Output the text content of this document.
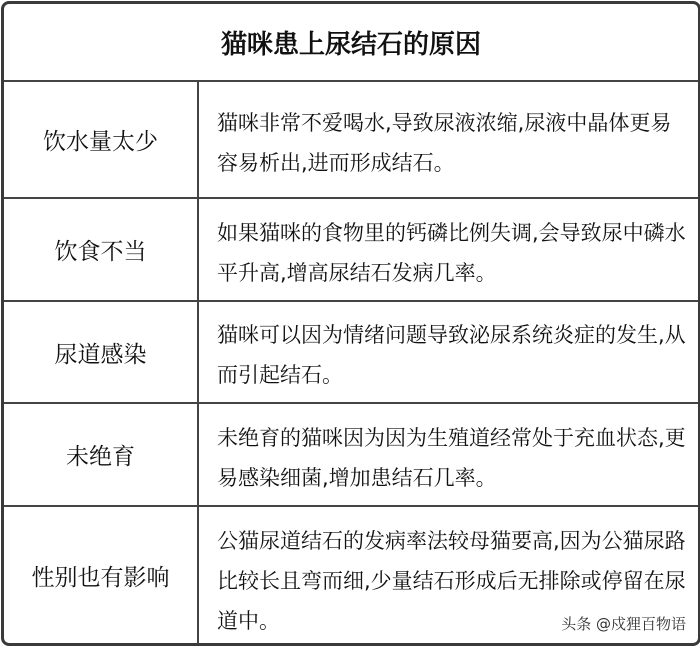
猫咪患上尿结石的原因
饮水量太少
猫咪非常不爱喝水,导致尿液浓缩,尿液中晶体更易容易析出,进而形成结石。
饮食不当
如果猫咪的食物里的钙磷比例失调,会导致尿中磷水平升高,增高尿结石发病几率。
尿道感染
猫咪可以因为情绪问题导致泌尿系统炎症的发生,从而引起结石。
未绝育
未绝育的猫咪因为因为生殖道经常处于充血状态,更易感染细菌,增加患结石几率。
性别也有影响
公猫尿道结石的发病率法较母猫要高,因为公猫尿路比较长且弯而细,少量结石形成后无排除或停留在尿道中。	头条 @戍狸百物语
